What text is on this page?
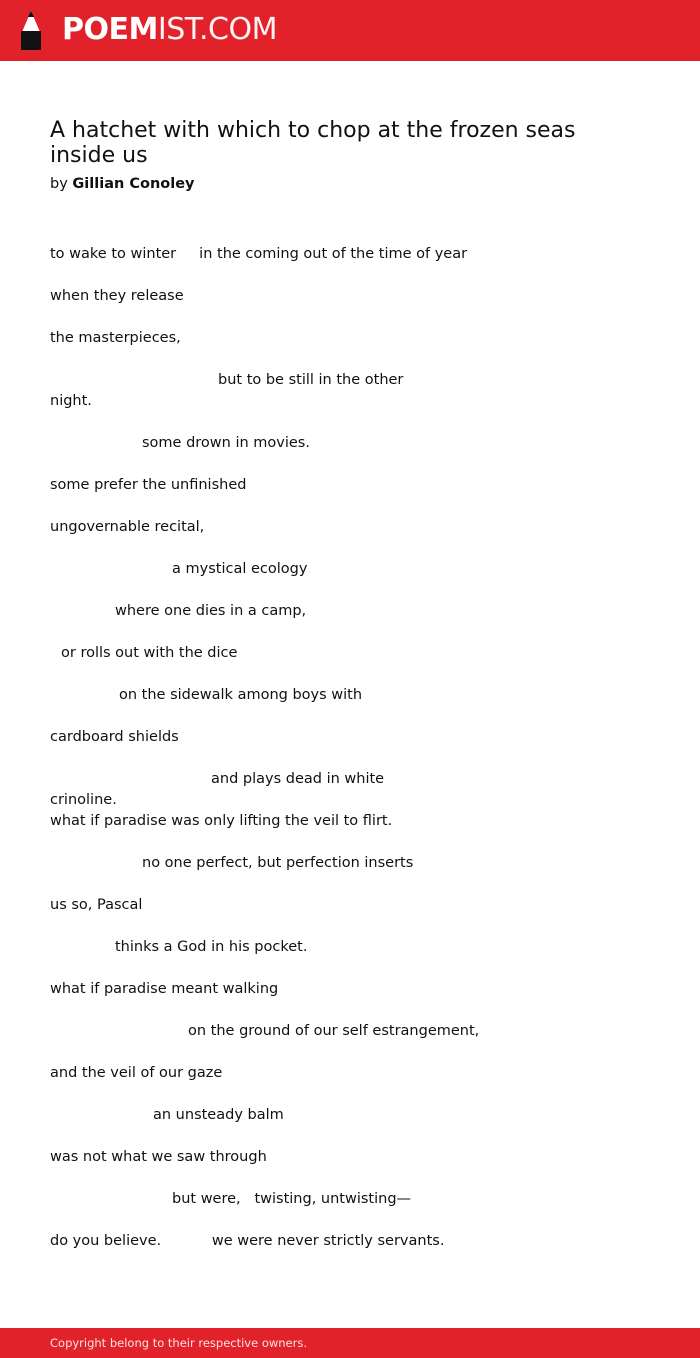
POEMIST.COM
A hatchet with which to chop at the frozen seas inside us

by Gillian Conoley

to wake to winter     in the coming out of the time of year

when they release

the masterpieces,

but to be still in the other

night.

some drown in movies.

some prefer the unfinished

ungovernable recital,

a mystical ecology

where one dies in a camp,

or rolls out with the dice

on the sidewalk among boys with

cardboard shields

and plays dead in white

crinoline.

what if paradise was only lifting the veil to flirt.

no one perfect, but perfection inserts

us so, Pascal

thinks a God in his pocket.

what if paradise meant walking

on the ground of our self estrangement,

and the veil of our gaze

an unsteady balm

was not what we saw through

but were,   twisting, untwisting—

do you believe.           we were never strictly servants.

Copyright belong to their respective owners.
